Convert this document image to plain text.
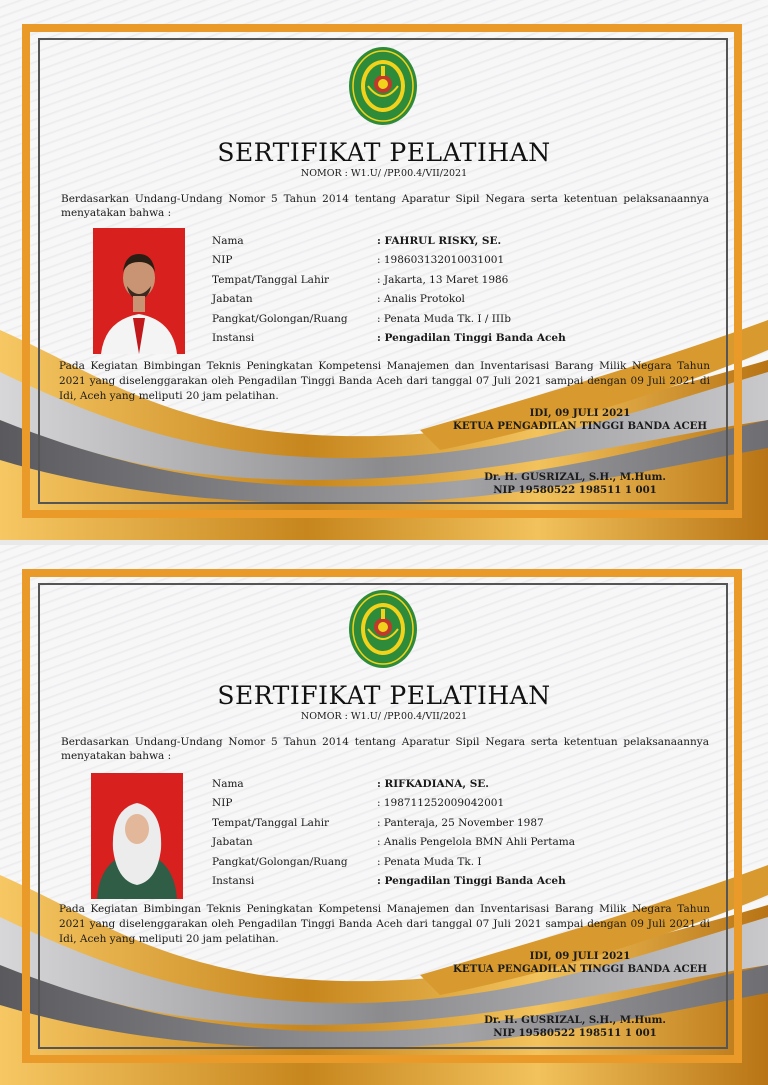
SERTIFIKAT PELATIHAN
NOMOR : W1.U/ /PP.00.4/VII/2021
Berdasarkan Undang-Undang Nomor 5 Tahun 2014 tentang Aparatur Sipil Negara serta ketentuan pelaksanaannya menyatakan bahwa :
Nama	: FAHRUL RISKY, SE.
NIP	: 198603132010031001
Tempat/Tanggal Lahir	: Jakarta, 13 Maret 1986
Jabatan	: Analis Protokol
Pangkat/Golongan/Ruang	: Penata Muda Tk. I / IIIb
Instansi	: Pengadilan Tinggi Banda Aceh
Pada Kegiatan Bimbingan Teknis Peningkatan Kompetensi Manajemen dan Inventarisasi Barang Milik Negara Tahun 2021 yang diselenggarakan oleh Pengadilan Tinggi Banda Aceh dari tanggal 07 Juli 2021 sampai dengan 09 Juli 2021 di Idi, Aceh yang meliputi 20 jam pelatihan.
IDI, 09 JULI 2021
KETUA PENGADILAN TINGGI BANDA ACEH
Dr. H. GUSRIZAL, S.H., M.Hum.
NIP 19580522 198511 1 001
SERTIFIKAT PELATIHAN
NOMOR : W1.U/ /PP.00.4/VII/2021
Berdasarkan Undang-Undang Nomor 5 Tahun 2014 tentang Aparatur Sipil Negara serta ketentuan pelaksanaannya menyatakan bahwa :
Nama	: RIFKADIANA, SE.
NIP	: 198711252009042001
Tempat/Tanggal Lahir	: Panteraja, 25 November 1987
Jabatan	: Analis Pengelola BMN Ahli Pertama
Pangkat/Golongan/Ruang	: Penata Muda Tk. I
Instansi	: Pengadilan Tinggi Banda Aceh
Pada Kegiatan Bimbingan Teknis Peningkatan Kompetensi Manajemen dan Inventarisasi Barang Milik Negara Tahun 2021 yang diselenggarakan oleh Pengadilan Tinggi Banda Aceh dari tanggal 07 Juli 2021 sampai dengan 09 Juli 2021 di Idi, Aceh yang meliputi 20 jam pelatihan.
IDI, 09 JULI 2021
KETUA PENGADILAN TINGGI BANDA ACEH
Dr. H. GUSRIZAL, S.H., M.Hum.
NIP 19580522 198511 1 001
